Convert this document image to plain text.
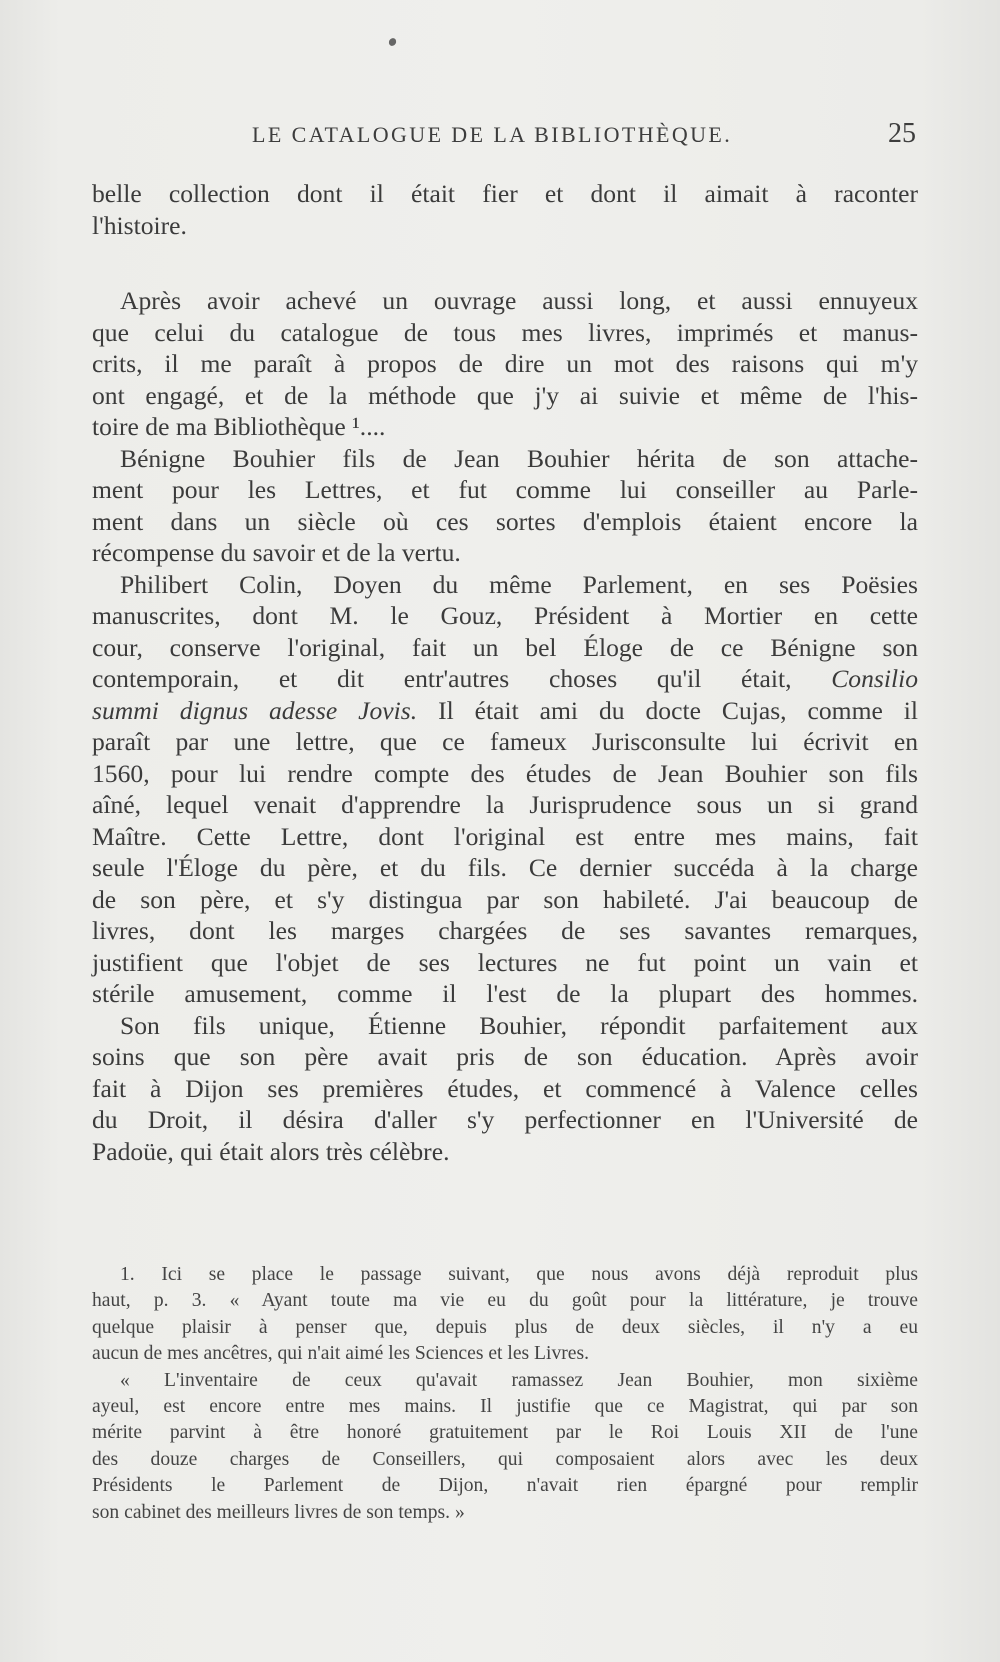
LE CATALOGUE DE LA BIBLIOTHÈQUE.	25
belle collection dont il était fier et dont il aimait à raconter
l'histoire.
Après avoir achevé un ouvrage aussi long, et aussi ennuyeux
que celui du catalogue de tous mes livres, imprimés et manus-
crits, il me paraît à propos de dire un mot des raisons qui m'y
ont engagé, et de la méthode que j'y ai suivie et même de l'his-
toire de ma Bibliothèque ¹....
Bénigne Bouhier fils de Jean Bouhier hérita de son attache-
ment pour les Lettres, et fut comme lui conseiller au Parle-
ment dans un siècle où ces sortes d'emplois étaient encore la
récompense du savoir et de la vertu.
Philibert Colin, Doyen du même Parlement, en ses Poësies
manuscrites, dont M. le Gouz, Président à Mortier en cette
cour, conserve l'original, fait un bel Éloge de ce Bénigne son
contemporain, et dit entr'autres choses qu'il était, Consilio
summi dignus adesse Jovis. Il était ami du docte Cujas, comme il
paraît par une lettre, que ce fameux Jurisconsulte lui écrivit en
1560, pour lui rendre compte des études de Jean Bouhier son fils
aîné, lequel venait d'apprendre la Jurisprudence sous un si grand
Maître. Cette Lettre, dont l'original est entre mes mains, fait
seule l'Éloge du père, et du fils. Ce dernier succéda à la charge
de son père, et s'y distingua par son habileté. J'ai beaucoup de
livres, dont les marges chargées de ses savantes remarques,
justifient que l'objet de ses lectures ne fut point un vain et
stérile amusement, comme il l'est de la plupart des hommes.
Son fils unique, Étienne Bouhier, répondit parfaitement aux
soins que son père avait pris de son éducation. Après avoir
fait à Dijon ses premières études, et commencé à Valence celles
du Droit, il désira d'aller s'y perfectionner en l'Université de
Padoüe, qui était alors très célèbre.
1. Ici se place le passage suivant, que nous avons déjà reproduit plus
haut, p. 3. « Ayant toute ma vie eu du goût pour la littérature, je trouve
quelque plaisir à penser que, depuis plus de deux siècles, il n'y a eu
aucun de mes ancêtres, qui n'ait aimé les Sciences et les Livres.
« L'inventaire de ceux qu'avait ramassez Jean Bouhier, mon sixième
ayeul, est encore entre mes mains. Il justifie que ce Magistrat, qui par son
mérite parvint à être honoré gratuitement par le Roi Louis XII de l'une
des douze charges de Conseillers, qui composaient alors avec les deux
Présidents le Parlement de Dijon, n'avait rien épargné pour remplir
son cabinet des meilleurs livres de son temps. »
